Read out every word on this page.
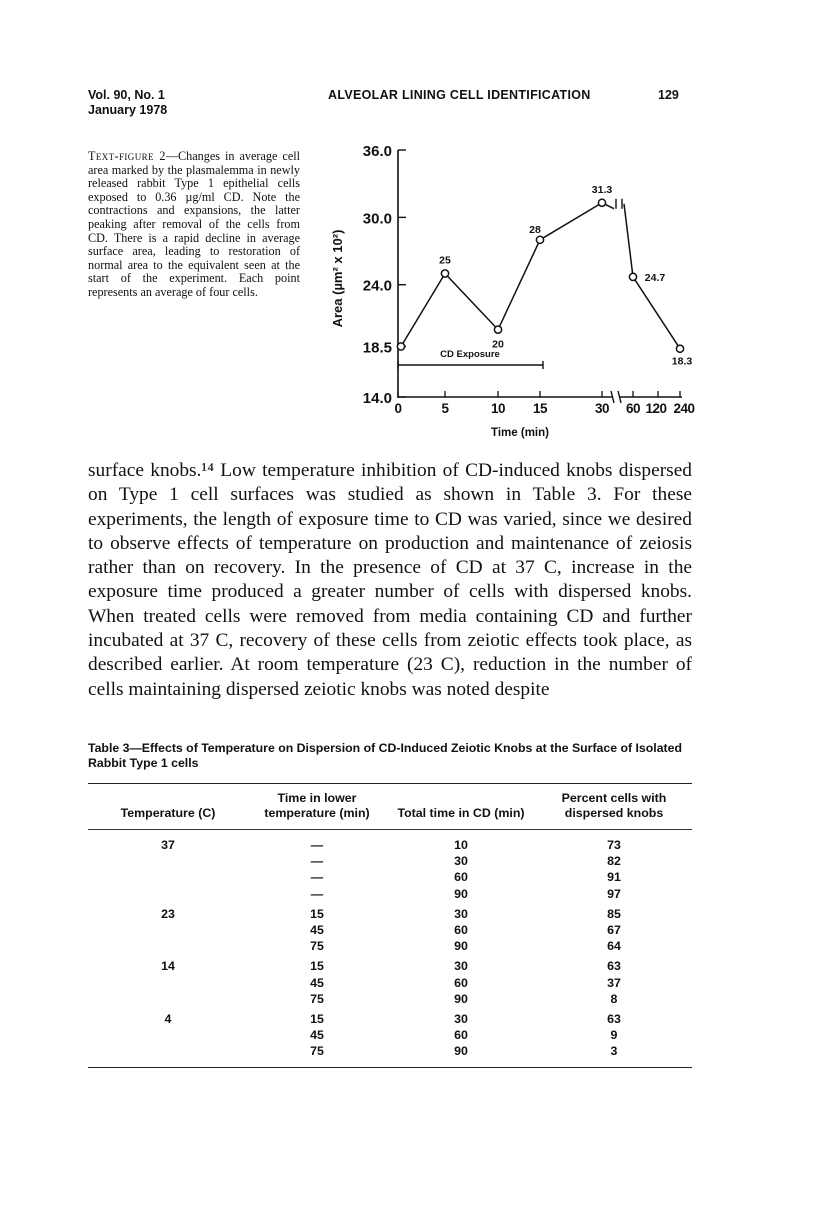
Vol. 90, No. 1
January 1978
ALVEOLAR LINING CELL IDENTIFICATION	129
Text-figure 2—Changes in average cell area marked by the plasmalemma in newly released rabbit Type 1 epithelial cells exposed to 0.36 µg/ml CD. Note the contractions and expansions, the latter peaking after removal of the cells from CD. There is a rapid decline in average surface area, leading to restoration of normal area to the equivalent seen at the start of the experiment. Each point represents an average of four cells.
36.0
30.0
24.0
18.5
14.0
0	5	10 15	30 60 120 240
Time (min)
Area (µm² x 10²)
CD Exposure
25
20
28
31.3
24.7
18.3

surface knobs.¹⁴ Low temperature inhibition of CD-induced knobs dispersed on Type 1 cell surfaces was studied as shown in Table 3. For these experiments, the length of exposure time to CD was varied, since we desired to observe effects of temperature on production and maintenance of zeiosis rather than on recovery. In the presence of CD at 37 C, increase in the exposure time produced a greater number of cells with dispersed knobs. When treated cells were removed from media containing CD and further incubated at 37 C, recovery of these cells from zeiotic effects took place, as described earlier. At room temperature (23 C), reduction in the number of cells maintaining dispersed zeiotic knobs was noted despite

Table 3—Effects of Temperature on Dispersion of CD-Induced Zeiotic Knobs at the Surface of Isolated Rabbit Type 1 cells
Temperature (C)	Time in lower temperature (min)	Total time in CD (min)	Percent cells with dispersed knobs
37	—	10	73
	—	30	82
	—	60	91
	—	90	97
23	15	30	85
	45	60	67
	75	90	64
14	15	30	63
	45	60	37
	75	90	8
4	15	30	63
	45	60	9
	75	90	3
